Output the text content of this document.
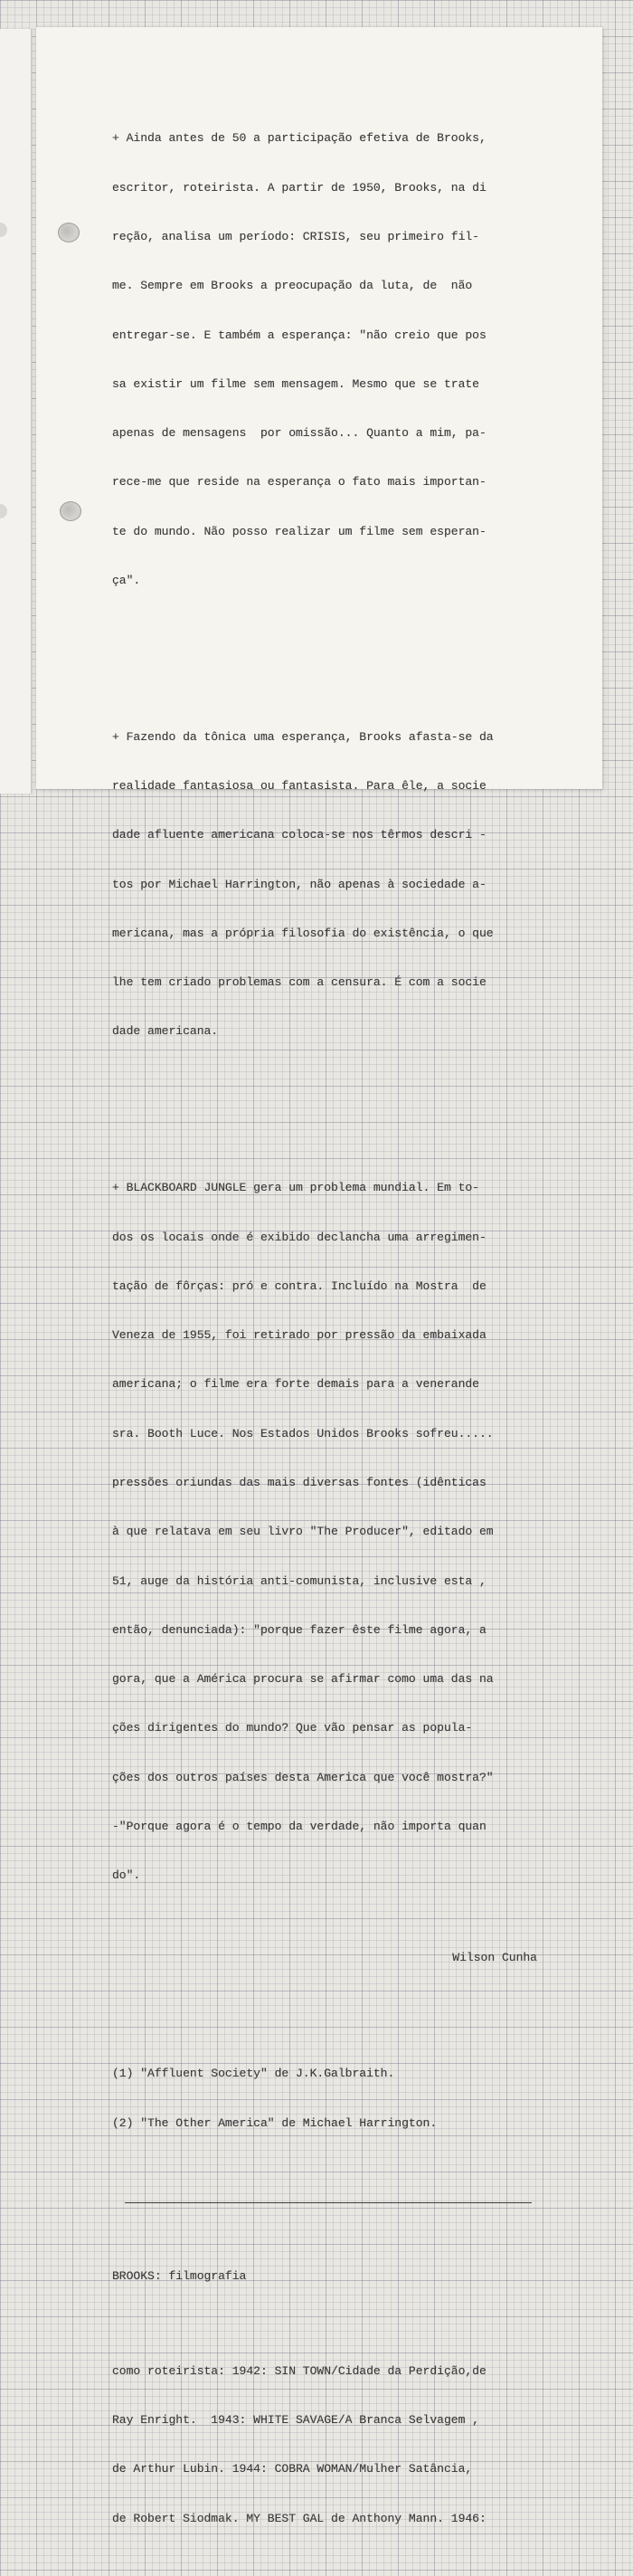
+ Ainda antes de 50 a participação efetiva de Brooks,

escritor, roteirista. A partir de 1950, Brooks, na di

reção, analisa um período: CRISIS, seu primeiro fil-

me. Sempre em Brooks a preocupação da luta, de  não

entregar-se. E também a esperança: "não creio que pos

sa existir um filme sem mensagem. Mesmo que se trate

apenas de mensagens  por omissão... Quanto a mim, pa-

rece-me que reside na esperança o fato mais importan-

te do mundo. Não posso realizar um filme sem esperan-

ça".

+ Fazendo da tônica uma esperança, Brooks afasta-se da

realidade fantasiosa ou fantasista. Para êle, a socie

dade afluente americana coloca-se nos têrmos descri -

tos por Michael Harrington, não apenas à sociedade a-

mericana, mas a própria filosofia do existência, o que

lhe tem criado problemas com a censura. É com a socie

dade americana.

+ BLACKBOARD JUNGLE gera um problema mundial. Em to-

dos os locais onde é exibido declancha uma arregimen-

tação de fôrças: pró e contra. Incluído na Mostra  de

Veneza de 1955, foi retirado por pressão da embaixada

americana; o filme era forte demais para a venerande

sra. Booth Luce. Nos Estados Unidos Brooks sofreu.....

pressões oriundas das mais diversas fontes (idênticas

à que relatava em seu livro "The Producer", editado em

51, auge da história anti-comunista, inclusive esta ,

então, denunciada): "porque fazer êste filme agora, a

gora, que a América procura se afirmar como uma das na

ções dirigentes do mundo? Que vão pensar as popula-

ções dos outros países desta America que você mostra?"

-"Porque agora é o tempo da verdade, não importa quan

do".

Wilson Cunha

(1) "Affluent Society" de J.K.Galbraith.

(2) "The Other America" de Michael Harrington.

BROOKS: filmografia

como roteirista: 1942: SIN TOWN/Cidade da Perdição,de

Ray Enright.  1943: WHITE SAVAGE/A Branca Selvagem ,

de Arthur Lubin. 1944: COBRA WOMAN/Mulher Satância,

de Robert Siodmak. MY BEST GAL de Anthony Mann. 1946:
